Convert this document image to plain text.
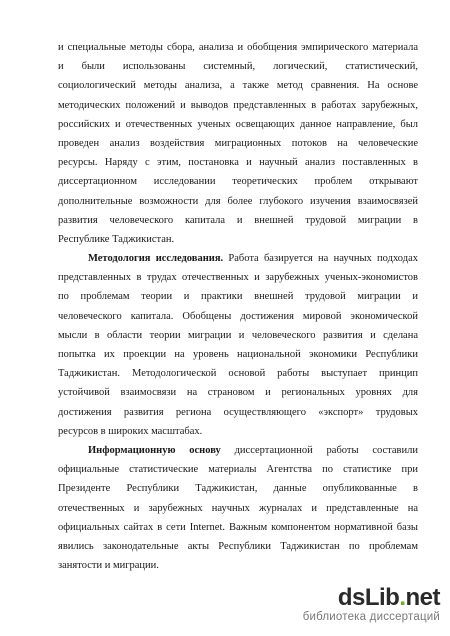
и специальные методы сбора, анализа и обобщения эмпирического материала
и были использованы системный, логический, статистический,
социологический методы анализа, а также метод сравнения. На основе
методических положений и выводов представленных в работах зарубежных,
российских и отечественных ученых освещающих данное направление, был
проведен анализ воздействия миграционных потоков на человеческие
ресурсы. Наряду с этим, постановка и научный анализ поставленных в
диссертационном исследовании теоретических проблем открывают
дополнительные возможности для более глубокого изучения взаимосвязей
развития человеческого капитала и внешней трудовой миграции в
Республике Таджикистан.
Методология исследования. Работа базируется на научных подходах
представленных в трудах отечественных и зарубежных ученых-экономистов
по проблемам теории и практики внешней трудовой миграции и
человеческого капитала. Обобщены достижения мировой экономической
мысли в области теории миграции и человеческого развития и сделана
попытка их проекции на уровень национальной экономики Республики
Таджикистан. Методологической основой работы выступает принцип
устойчивой взаимосвязи на страновом и региональных уровнях для
достижения развития региона осуществляющего «экспорт» трудовых
ресурсов в широких масштабах.
Информационную основу диссертационной работы составили
официальные статистические материалы Агентства по статистике при
Президенте Республики Таджикистан, данные опубликованные в
отечественных и зарубежных научных журналах и представленные на
официальных сайтах в сети Internet. Важным компонентом нормативной базы
явились законодательные акты Республики Таджикистан по проблемам
занятости и миграции.
dsLib.net
библиотека диссертаций
